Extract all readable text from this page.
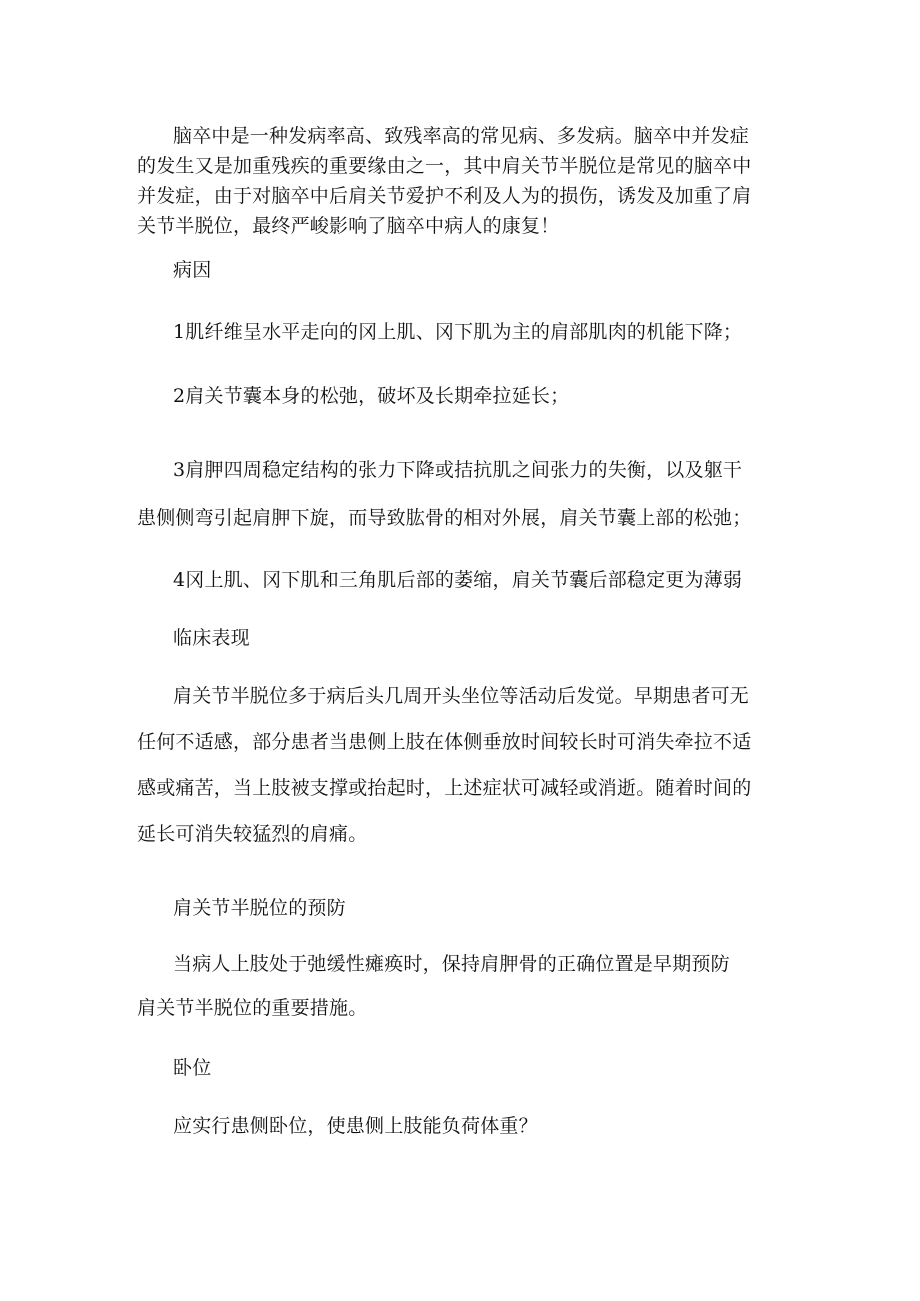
脑卒中是一种发病率高、致残率高的常见病、多发病。脑卒中并发症
的发生又是加重残疾的重要缘由之一，其中肩关节半脱位是常见的脑卒中
并发症，由于对脑卒中后肩关节爱护不利及人为的损伤，诱发及加重了肩
关节半脱位，最终严峻影响了脑卒中病人的康复！
病因
1肌纤维呈水平走向的冈上肌、冈下肌为主的肩部肌肉的机能下降；
2肩关节囊本身的松弛，破坏及长期牵拉延长；
3肩胛四周稳定结构的张力下降或拮抗肌之间张力的失衡，以及躯干
患侧侧弯引起肩胛下旋，而导致肱骨的相对外展，肩关节囊上部的松弛；
4冈上肌、冈下肌和三角肌后部的萎缩，肩关节囊后部稳定更为薄弱
临床表现
肩关节半脱位多于病后头几周开头坐位等活动后发觉。早期患者可无
任何不适感，部分患者当患侧上肢在体侧垂放时间较长时可消失牵拉不适
感或痛苦，当上肢被支撑或抬起时，上述症状可减轻或消逝。随着时间的
延长可消失较猛烈的肩痛。
肩关节半脱位的预防
当病人上肢处于弛缓性瘫痪时，保持肩胛骨的正确位置是早期预防
肩关节半脱位的重要措施。
卧位
应实行患侧卧位，使患侧上肢能负荷体重？
